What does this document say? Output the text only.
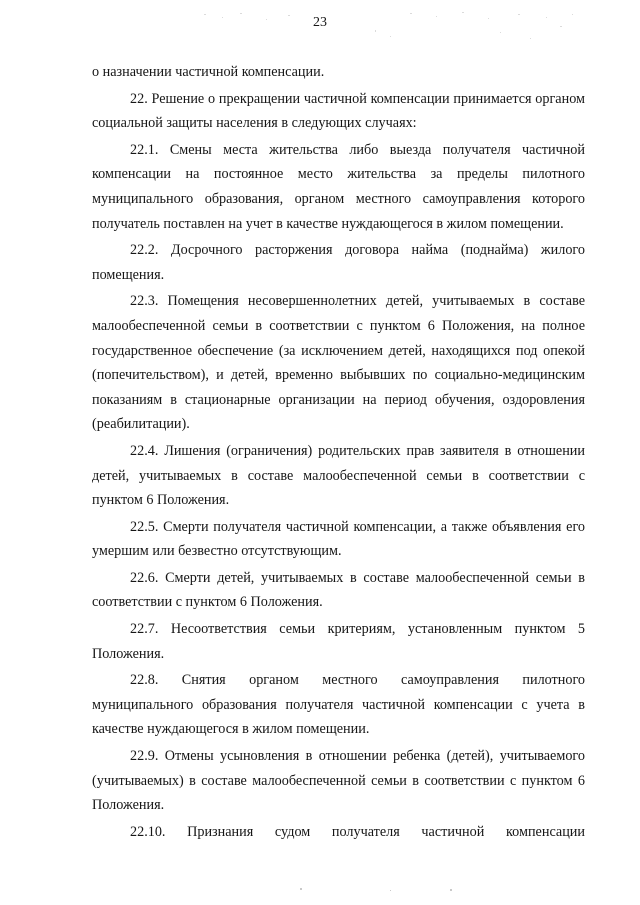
23

о назначении частичной компенсации.

22. Решение о прекращении частичной компенсации принимается органом социальной защиты населения в следующих случаях:

22.1. Смены места жительства либо выезда получателя частичной компенсации на постоянное место жительства за пределы пилотного муниципального образования, органом местного самоуправления которого получатель поставлен на учет в качестве нуждающегося в жилом помещении.

22.2. Досрочного расторжения договора найма (поднайма) жилого помещения.

22.3. Помещения несовершеннолетних детей, учитываемых в составе малообеспеченной семьи в соответствии с пунктом 6 Положения, на полное государственное обеспечение (за исключением детей, находящихся под опекой (попечительством), и детей, временно выбывших по социально-медицинским показаниям в стационарные организации на период обучения, оздоровления (реабилитации).

22.4. Лишения (ограничения) родительских прав заявителя в отношении детей, учитываемых в составе малообеспеченной семьи в соответствии с пунктом 6 Положения.

22.5. Смерти получателя частичной компенсации, а также объявления его умершим или безвестно отсутствующим.

22.6. Смерти детей, учитываемых в составе малообеспеченной семьи в соответствии с пунктом 6 Положения.

22.7. Несоответствия семьи критериям, установленным пунктом 5 Положения.

22.8. Снятия органом местного самоуправления пилотного муниципального образования получателя частичной компенсации с учета в качестве нуждающегося в жилом помещении.

22.9. Отмены усыновления в отношении ребенка (детей), учитываемого (учитываемых) в составе малообеспеченной семьи в соответствии с пунктом 6 Положения.

22.10. Признания судом получателя частичной компенсации
